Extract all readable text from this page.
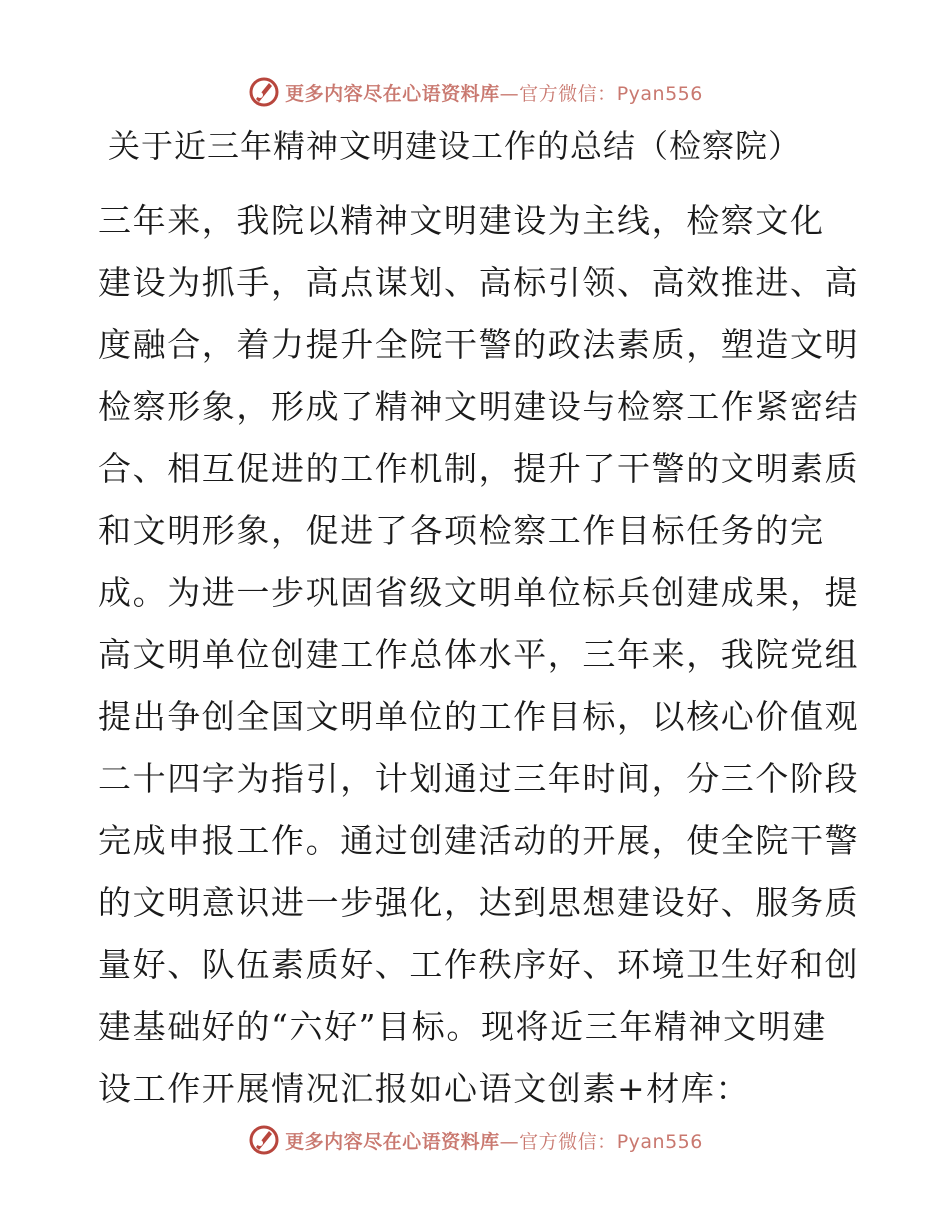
更多内容尽在心语资料库—官方微信：Pyan556
关于近三年精神文明建设工作的总结（检察院）
三年来，我院以精神文明建设为主线，检察文化
建设为抓手，高点谋划、高标引领、高效推进、高
度融合，着力提升全院干警的政法素质，塑造文明
检察形象，形成了精神文明建设与检察工作紧密结
合、相互促进的工作机制，提升了干警的文明素质
和文明形象，促进了各项检察工作目标任务的完
成。为进一步巩固省级文明单位标兵创建成果，提
高文明单位创建工作总体水平，三年来，我院党组
提出争创全国文明单位的工作目标，以核心价值观
二十四字为指引，计划通过三年时间，分三个阶段
完成申报工作。通过创建活动的开展，使全院干警
的文明意识进一步强化，达到思想建设好、服务质
量好、队伍素质好、工作秩序好、环境卫生好和创
建基础好的“六好”目标。现将近三年精神文明建
设工作开展情况汇报如心语文创素+材库：
更多内容尽在心语资料库—官方微信：Pyan556
